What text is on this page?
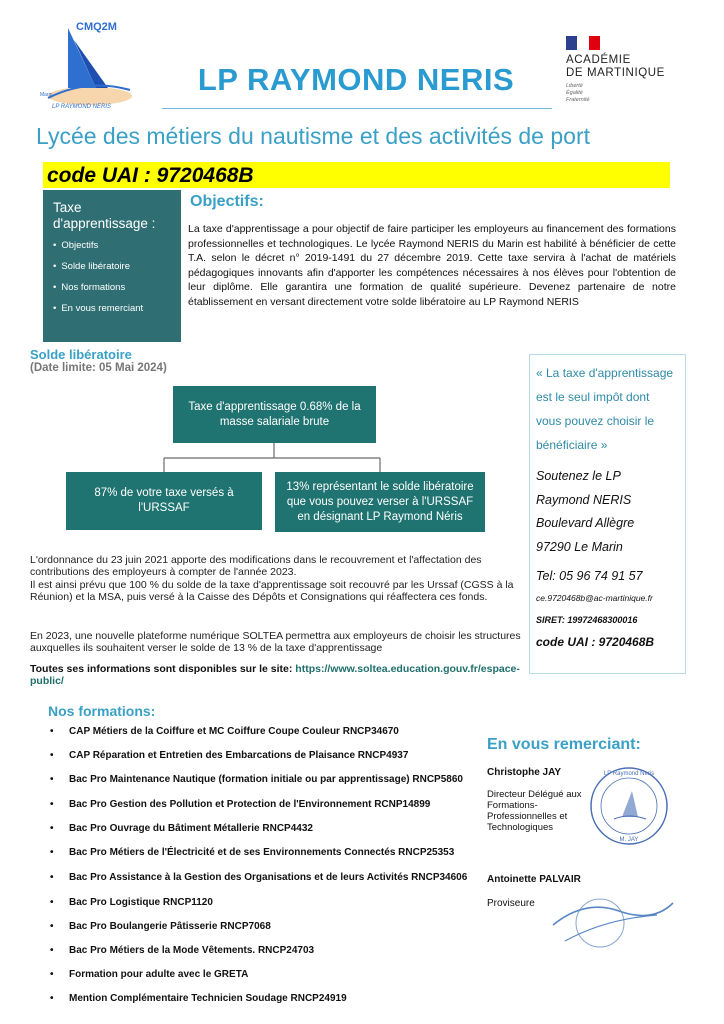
CMQ2M
LP RAYMOND NERIS
Marin	LP RAYMOND NERIS
ACADÉMIE
DE MARTINIQUE
Liberté
Égalité
Fraternité
Lycée des métiers du nautisme et des activités de port
code UAI : 9720468B
Taxe d'apprentissage :
• Objectifs
• Solde libératoire
• Nos formations
• En vous remerciant
Objectifs:
La taxe d'apprentissage a pour objectif de faire participer les employeurs au financement des formations professionnelles et technologiques. Le lycée Raymond NERIS du Marin est habilité à bénéficier de cette T.A. selon le décret n° 2019-1491 du 27 décembre 2019. Cette taxe servira à l'achat de matériels pédagogiques innovants afin d'apporter les compétences nécessaires à nos élèves pour l'obtention de leur diplôme. Elle garantira une formation de qualité supérieure. Devenez partenaire de notre établissement en versant directement votre solde libératoire au LP Raymond NERIS
Solde libératoire
(Date limite: 05 Mai 2024)
Taxe d'apprentissage 0.68% de la masse salariale brute
87% de votre taxe versés à l'URSSAF
13% représentant le solde libératoire que vous pouvez verser à l'URSSAF en désignant LP Raymond Néris
« La taxe d'apprentissage est le seul impôt dont vous pouvez choisir le bénéficiaire »
Soutenez le LP Raymond NERIS
Boulevard Allègre
97290 Le Marin
Tel: 05 96 74 91 57
ce.9720468b@ac-martinique.fr
SIRET: 19972468300016
code UAI : 9720468B
L'ordonnance du 23 juin 2021 apporte des modifications dans le recouvrement et l'affectation des contributions des employeurs à compter de l'année 2023.
Il est ainsi prévu que 100 % du solde de la taxe d'apprentissage soit recouvré par les Urssaf (CGSS à la Réunion) et la MSA, puis versé à la Caisse des Dépôts et Consignations qui réaffectera ces fonds.
En 2023, une nouvelle plateforme numérique SOLTEA permettra aux employeurs de choisir les structures auxquelles ils souhaitent verser le solde de 13 % de la taxe d'apprentissage
Toutes ses informations sont disponibles sur le site: https://www.soltea.education.gouv.fr/espace-public/
Nos formations:
• CAP Métiers de la Coiffure et MC Coiffure Coupe Couleur RNCP34670
• CAP Réparation et Entretien des Embarcations de Plaisance RNCP4937
• Bac Pro Maintenance Nautique (formation initiale ou par apprentissage) RNCP5860
• Bac Pro Gestion des Pollution et Protection de l'Environnement RCNP14899
• Bac Pro Ouvrage du Bâtiment Métallerie RNCP4432
• Bac Pro Métiers de l'Électricité et de ses Environnements Connectés RNCP25353
• Bac Pro Assistance à la Gestion des Organisations et de leurs Activités RNCP34606
• Bac Pro Logistique RNCP1120
• Bac Pro Boulangerie Pâtisserie RNCP7068
• Bac Pro Métiers de la Mode Vêtements. RNCP24703
• Formation pour adulte avec le GRETA
• Mention Complémentaire Technicien Soudage RNCP24919
En vous remerciant:
Christophe JAY
Directeur Délégué aux Formations-Professionnelles et Technologiques
Antoinette PALVAIR
Proviseure
LP Raymond Neris
M. JAY
